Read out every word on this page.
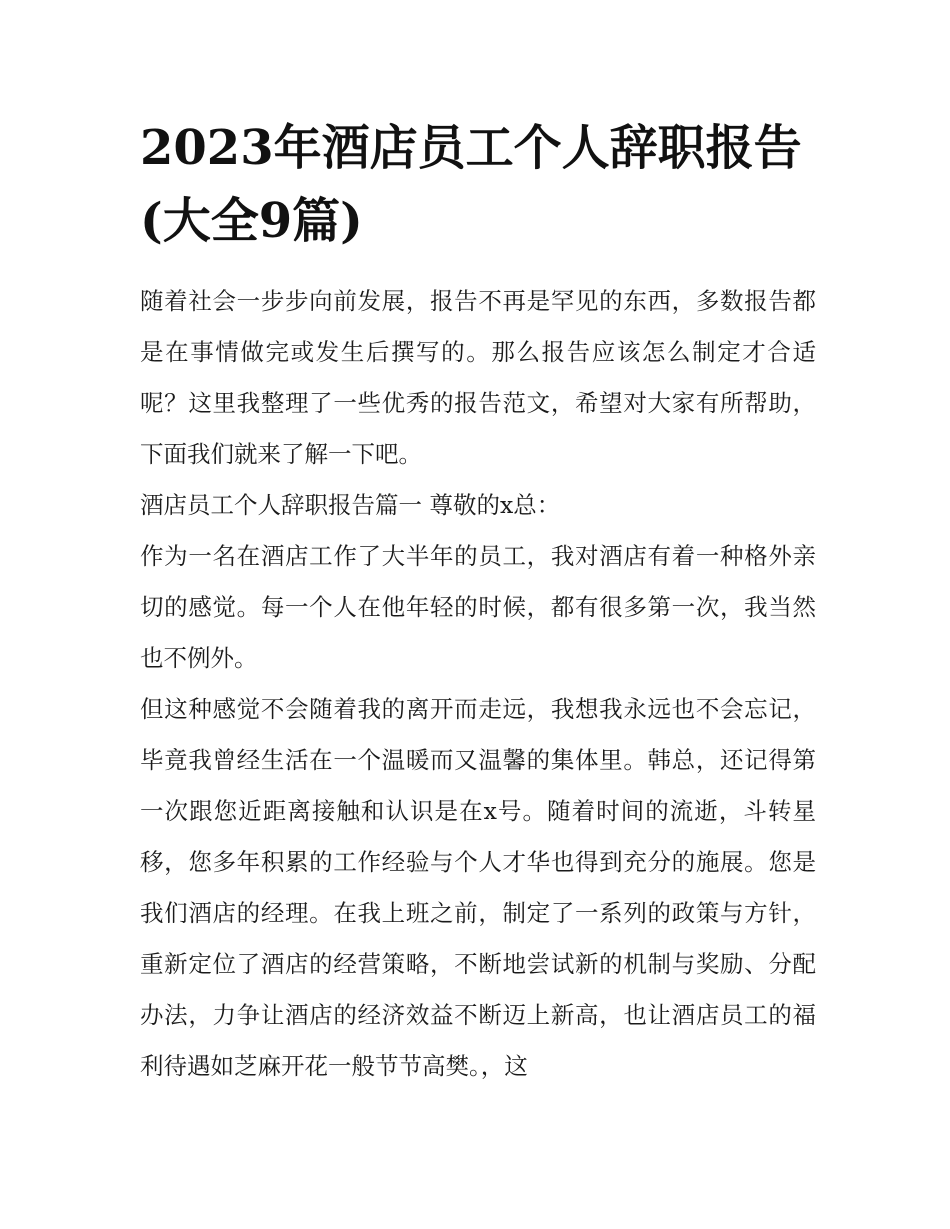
2023年酒店员工个人辞职报告(大全9篇)

随着社会一步步向前发展，报告不再是罕见的东西，多数报告都是在事情做完或发生后撰写的。那么报告应该怎么制定才合适呢？这里我整理了一些优秀的报告范文，希望对大家有所帮助，下面我们就来了解一下吧。

酒店员工个人辞职报告篇一 尊敬的x总：

作为一名在酒店工作了大半年的员工，我对酒店有着一种格外亲切的感觉。每一个人在他年轻的时候，都有很多第一次，我当然也不例外。

但这种感觉不会随着我的离开而走远，我想我永远也不会忘记，毕竟我曾经生活在一个温暖而又温馨的集体里。韩总，还记得第一次跟您近距离接触和认识是在x号。随着时间的流逝，斗转星移，您多年积累的工作经验与个人才华也得到充分的施展。您是我们酒店的经理。在我上班之前，制定了一系列的政策与方针，重新定位了酒店的经营策略，不断地尝试新的机制与奖励、分配办法，力争让酒店的经济效益不断迈上新高，也让酒店员工的福利待遇如芝麻开花一般节节高樊。，这
